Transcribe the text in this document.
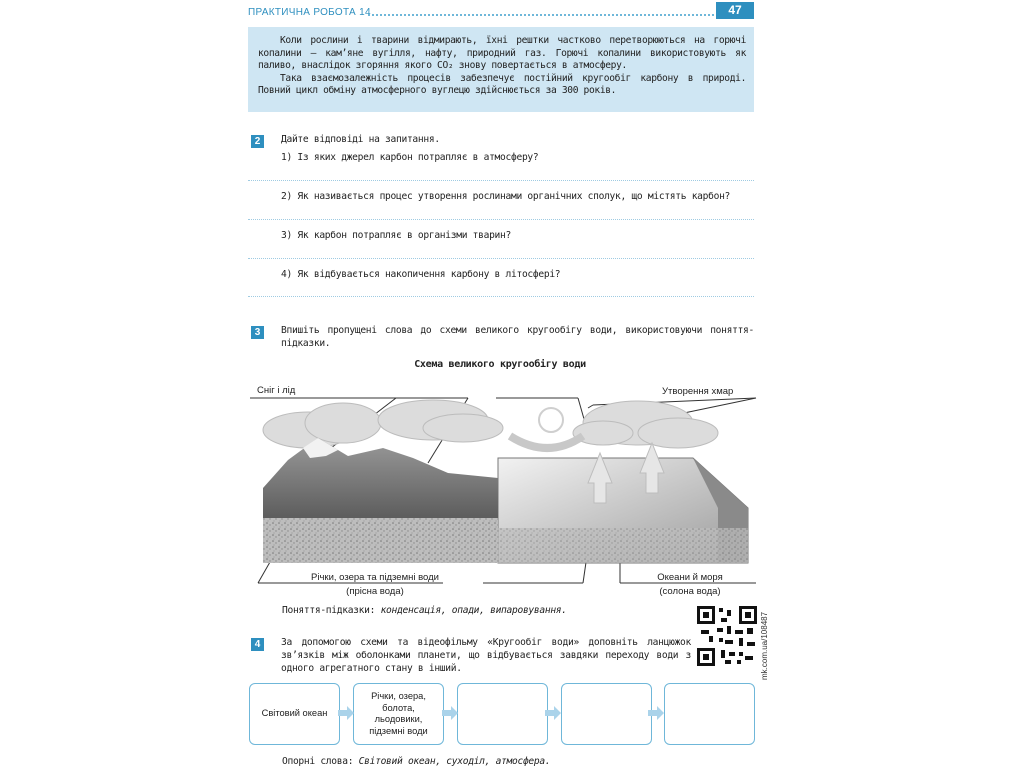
ПРАКТИЧНА РОБОТА 14	47

Коли рослини і тварини відмирають, їхні рештки частково перетворюються на горючі копалини — кам’яне вугілля, нафту, природний газ. Горючі копалини використовують як паливо, внаслідок згоряння якого CO₂ знову повертається в атмосферу.

Така взаємозалежність процесів забезпечує постійний кругообіг карбону в природі. Повний цикл обміну атмосферного вуглецю здійснюється за 300 років.

2	Дайте відповіді на запитання.
1) Із яких джерел карбон потрапляє в атмосферу?
2) Як називається процес утворення рослинами органічних сполук, що містять карбон?
3) Як карбон потрапляє в організми тварин?
4) Як відбувається накопичення карбону в літосфері?
3	Впишіть пропущені слова до схеми великого кругообігу води, використовуючи поняття-підказки.
Схема великого кругообігу води
Сніг і лід	Утворення хмар
Річки, озера та підземні води
(прісна вода)
Океани й моря
(солона вода)
Поняття-підказки: конденсація, опади, випаровування.
mk.com.ua/108487
4	За допомогою схеми та відеофільму «Кругообіг води» доповніть ланцюжок зв’язків між оболонками планети, що відбувається завдяки переходу води з одного агрегатного стану в інший.
Світовий океан
Річки, озера,
болота,
льодовики,
підземні води
Опорні слова: Світовий океан, суходіл, атмосфера.
